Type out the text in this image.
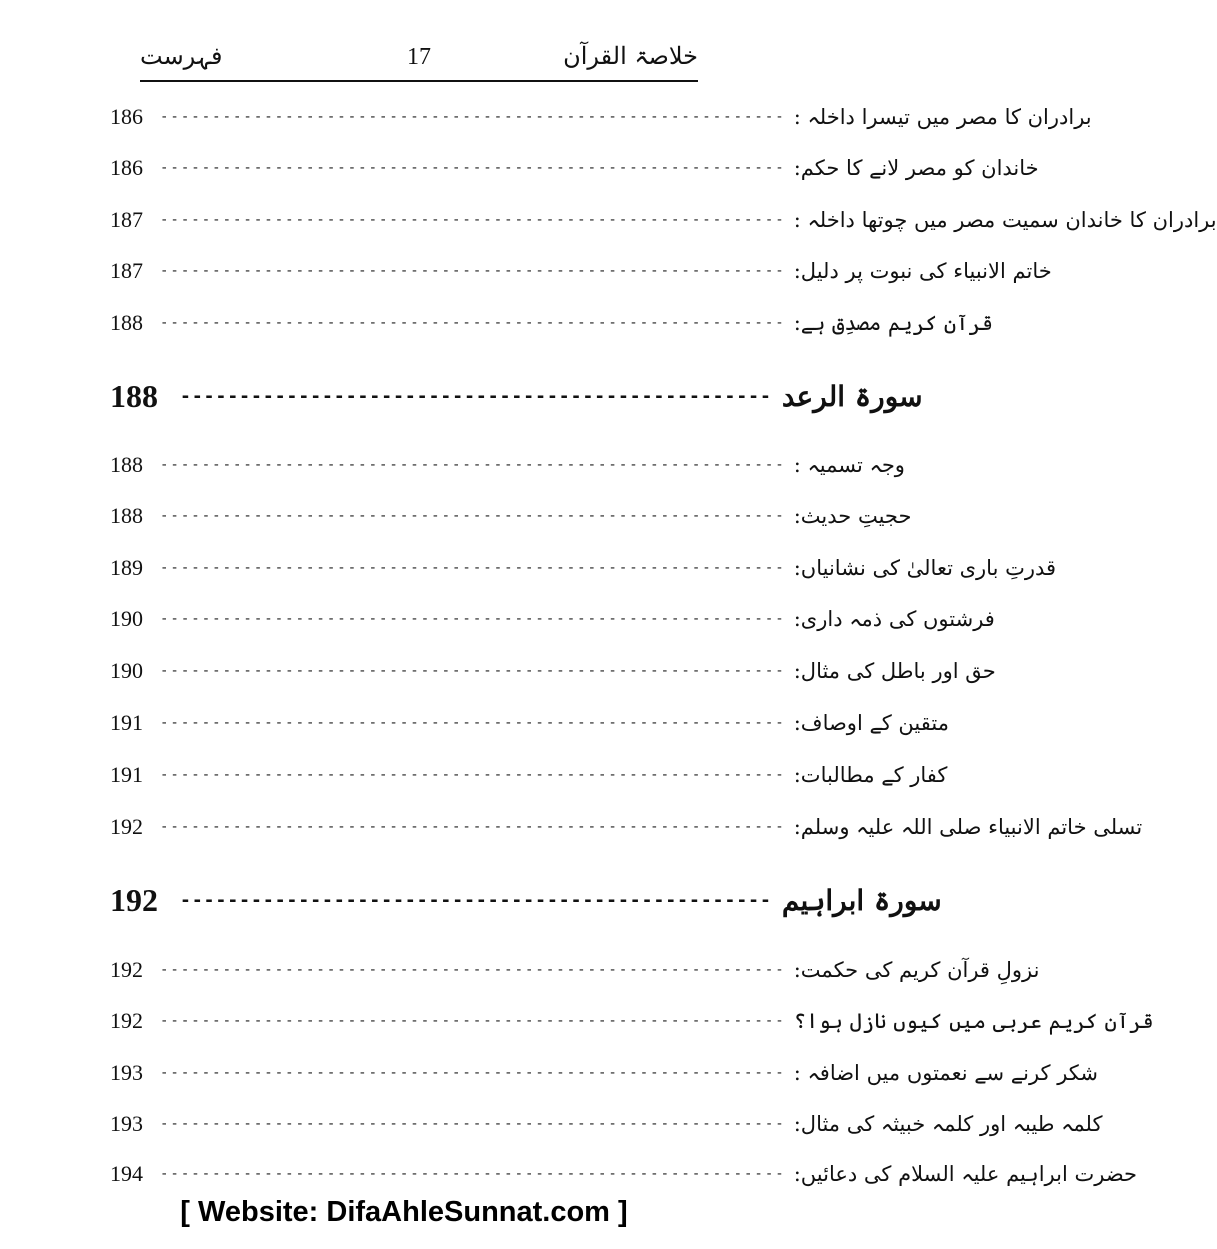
فہرست	17	خلاصۃ القرآن
186	------------------------------------------------------------ برادران کا مصر میں تیسرا داخلہ :
186	------------------------------------------------------------ خاندان کو مصر لانے کا حکم:
187	------------------------------------------------------------ برادران کا خاندان سمیت مصر میں چوتھا داخلہ :
187	------------------------------------------------------------ خاتم الانبیاء کی نبوت پر دلیل:
188	------------------------------------------------------------ قرآن کریم مصدِق ہے:
188	-------------------------------------------------- سورۃ الرعد
188	------------------------------------------------------------ وجہ تسمیہ :
188	------------------------------------------------------------ حجیتِ حدیث:
189	------------------------------------------------------------ قدرتِ باری تعالیٰ کی نشانیاں:
190	------------------------------------------------------------ فرشتوں کی ذمہ داری:
190	------------------------------------------------------------ حق اور باطل کی مثال:
191	------------------------------------------------------------ متقین کے اوصاف:
191	------------------------------------------------------------ کفار کے مطالبات:
192	------------------------------------------------------------ تسلی خاتم الانبیاء صلی اللہ علیہ وسلم:
192	-------------------------------------------------- سورۃ ابراہیم
192	------------------------------------------------------------ نزولِ قرآن کریم کی حکمت:
192	------------------------------------------------------------ قرآن کریم عربی میں کیوں نازل ہوا؟
193	------------------------------------------------------------ شکر کرنے سے نعمتوں میں اضافہ :
193	------------------------------------------------------------ کلمہ طیبہ اور کلمہ خبیثہ کی مثال:
194	------------------------------------------------------------ حضرت ابراہیم علیہ السلام کی دعائیں:
[ Website: DifaAhleSunnat.com ]
